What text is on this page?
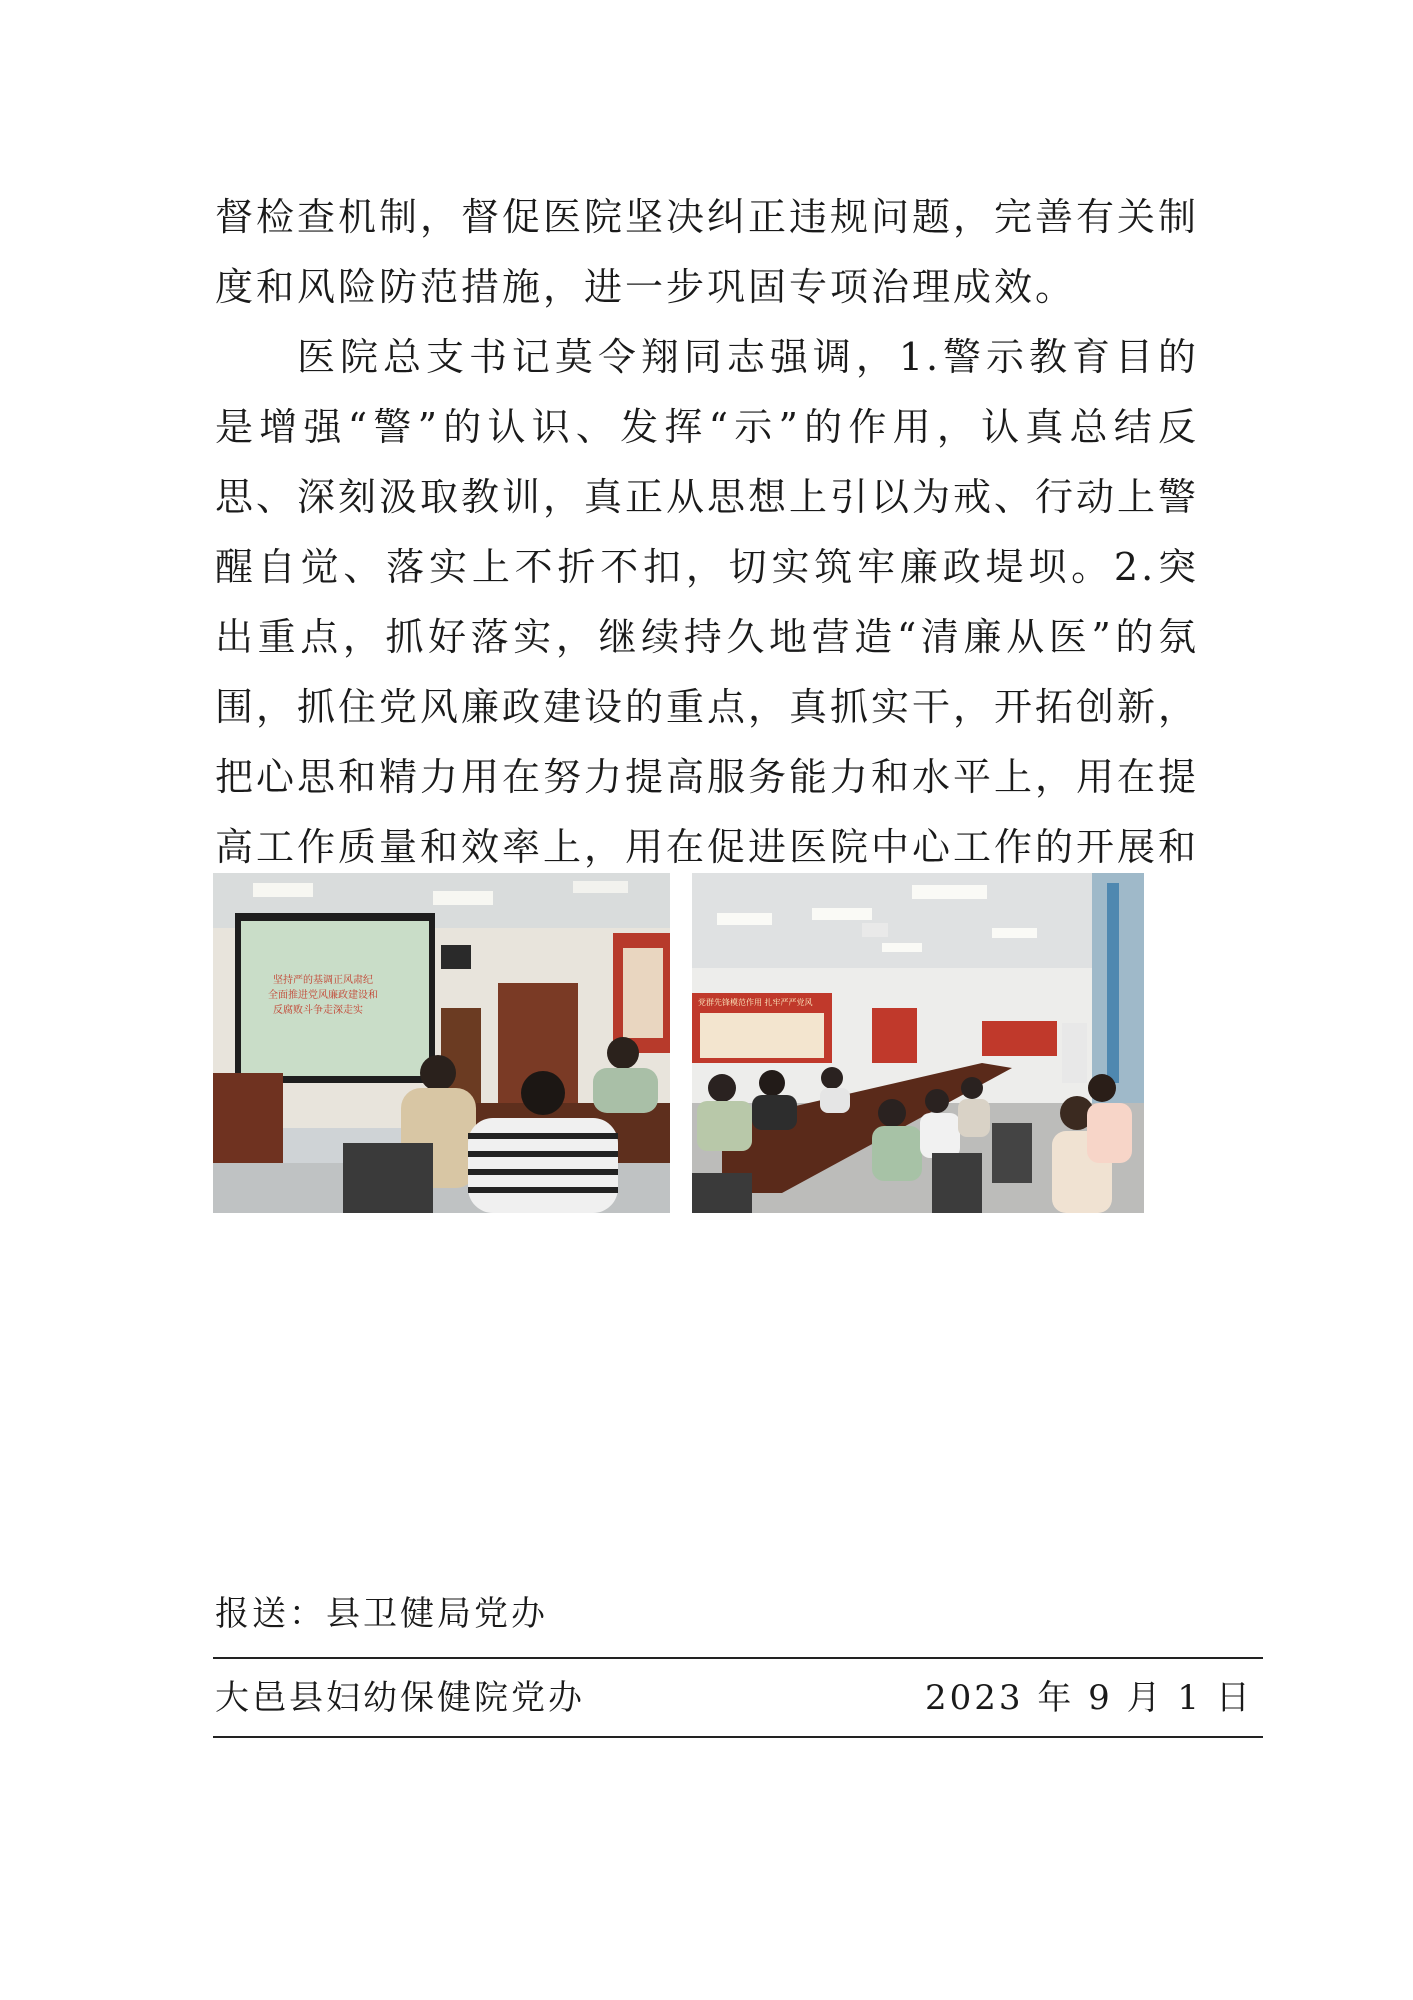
督检查机制，督促医院坚决纠正违规问题，完善有关制度和风险防范措施，进一步巩固专项治理成效。

医院总支书记莫令翔同志强调，1.警示教育目的是增强“警”的认识、发挥“示”的作用，认真总结反思、深刻汲取教训，真正从思想上引以为戒、行动上警醒自觉、落实上不折不扣，切实筑牢廉政堤坝。2.突出重点，抓好落实，继续持久地营造“清廉从医”的氛围，抓住党风廉政建设的重点，真抓实干，开拓创新，把心思和精力用在努力提高服务能力和水平上，用在提高工作质量和效率上，用在促进医院中心工作的开展和

坚持严的基调正风肃纪
全面推进党风廉政建设和
反腐败斗争走深走实
党群先锋模范作用 扎牢严严党风
报送：县卫健局党办
大邑县妇幼保健院党办	2023 年 9 月 1 日
